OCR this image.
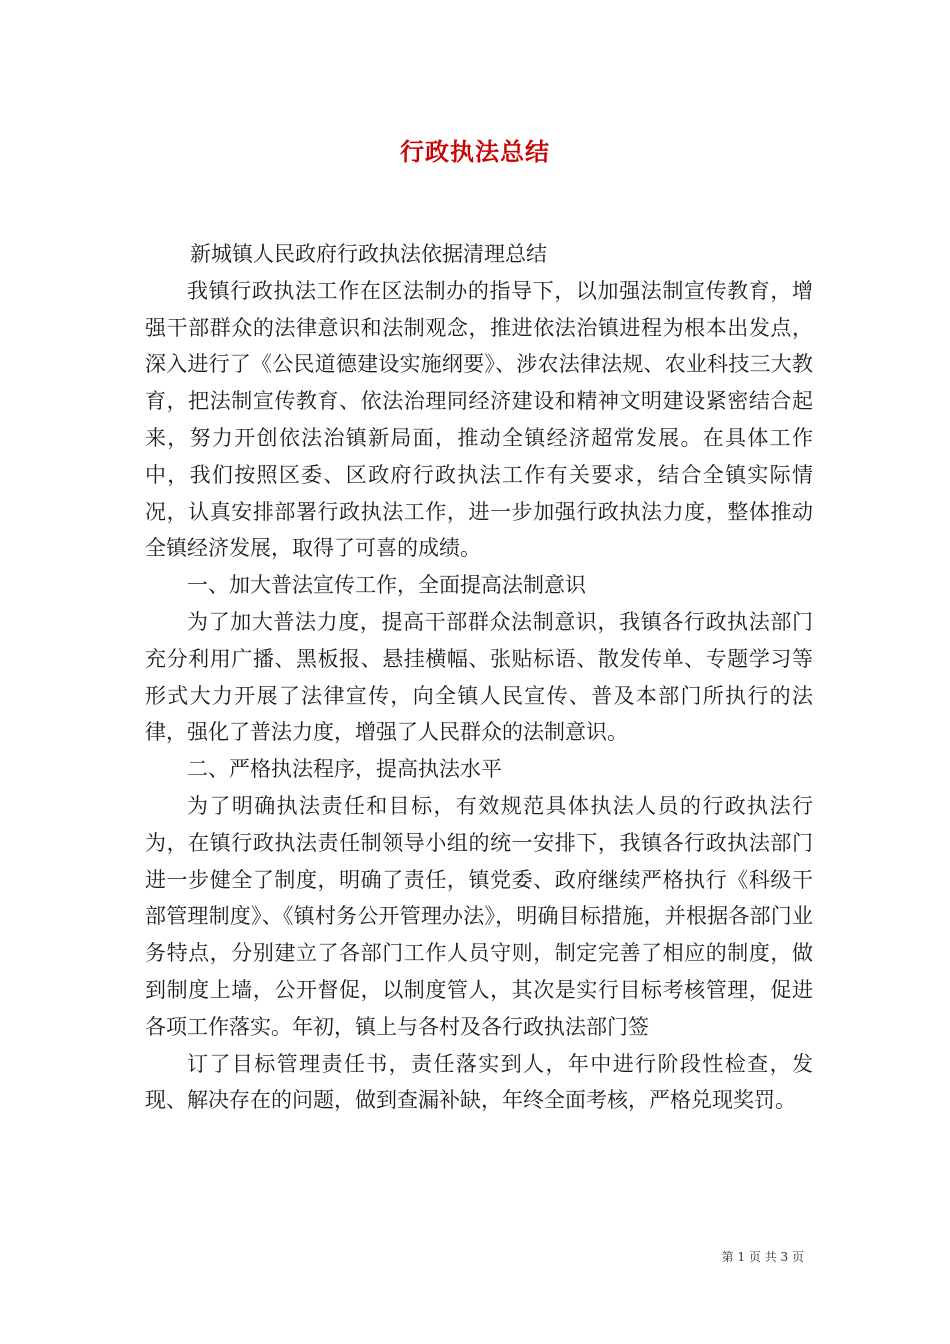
行政执法总结

新城镇人民政府行政执法依据清理总结

我镇行政执法工作在区法制办的指导下，以加强法制宣传教育，增强干部群众的法律意识和法制观念，推进依法治镇进程为根本出发点，深入进行了《公民道德建设实施纲要》、涉农法律法规、农业科技三大教育，把法制宣传教育、依法治理同经济建设和精神文明建设紧密结合起来，努力开创依法治镇新局面，推动全镇经济超常发展。在具体工作中，我们按照区委、区政府行政执法工作有关要求，结合全镇实际情况，认真安排部署行政执法工作，进一步加强行政执法力度，整体推动全镇经济发展，取得了可喜的成绩。

一、加大普法宣传工作，全面提高法制意识

为了加大普法力度，提高干部群众法制意识，我镇各行政执法部门充分利用广播、黑板报、悬挂横幅、张贴标语、散发传单、专题学习等形式大力开展了法律宣传，向全镇人民宣传、普及本部门所执行的法律，强化了普法力度，增强了人民群众的法制意识。

二、严格执法程序，提高执法水平

为了明确执法责任和目标，有效规范具体执法人员的行政执法行为，在镇行政执法责任制领导小组的统一安排下，我镇各行政执法部门进一步健全了制度，明确了责任，镇党委、政府继续严格执行《科级干部管理制度》、《镇村务公开管理办法》，明确目标措施，并根据各部门业务特点，分别建立了各部门工作人员守则，制定完善了相应的制度，做到制度上墙，公开督促，以制度管人，其次是实行目标考核管理，促进各项工作落实。年初，镇上与各村及各行政执法部门签

订了目标管理责任书，责任落实到人，年中进行阶段性检查，发现、解决存在的问题，做到查漏补缺，年终全面考核，严格兑现奖罚。

第 1 页 共 3 页
